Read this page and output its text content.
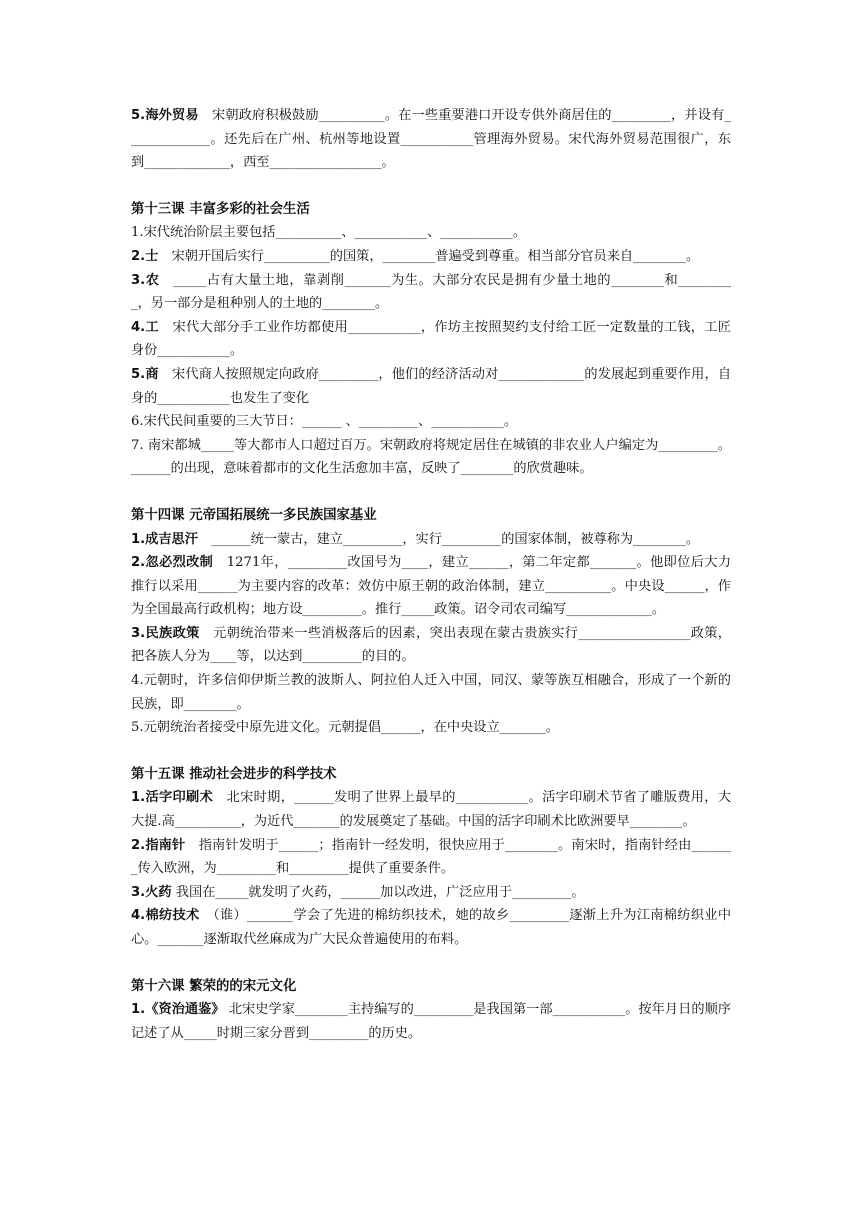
5.海外贸易　宋朝政府积极鼓励__________。在一些重要港口开设专供外商居住的_________，并设有_____________。还先后在广州、杭州等地设置___________管理海外贸易。宋代海外贸易范围很广，东到_____________，西至_________________。

第十三课 丰富多彩的社会生活

1.宋代统治阶层主要包括__________、___________、___________。

2.士　宋朝开国后实行__________的国策，________普遍受到尊重。相当部分官员来自________。

3.农　_____占有大量土地，靠剥削_______为生。大部分农民是拥有少量土地的________和_________，另一部分是租种别人的土地的________。

4.工　宋代大部分手工业作坊都使用___________，作坊主按照契约支付给工匠一定数量的工钱，工匠身份___________。

5.商　宋代商人按照规定向政府_________，他们的经济活动对_____________的发展起到重要作用，自身的___________也发生了变化

6.宋代民间重要的三大节日：______ 、_________、___________。

7. 南宋都城_____等大都市人口超过百万。宋朝政府将规定居住在城镇的非农业人户编定为_________。______的出现，意味着都市的文化生活愈加丰富，反映了________的欣赏趣味。

第十四课 元帝国拓展统一多民族国家基业

1.成吉思汗　______统一蒙古，建立_________，实行_________的国家体制，被尊称为________。

2.忽必烈改制　1271年，_________改国号为____，建立______，第二年定都_______。他即位后大力推行以采用______为主要内容的改革：效仿中原王朝的政治体制，建立__________。中央设______，作为全国最高行政机构；地方设_________。推行_____政策。诏令司农司编写_____________。

3.民族政策　元朝统治带来一些消极落后的因素，突出表现在蒙古贵族实行_________________政策，把各族人分为____等，以达到_________的目的。

4.元朝时，许多信仰伊斯兰教的波斯人、阿拉伯人迁入中国，同汉、蒙等族互相融合，形成了一个新的民族，即________。

5.元朝统治者接受中原先进文化。元朝提倡______，在中央设立_______。

第十五课 推动社会进步的科学技术

1.活字印刷术　北宋时期，______发明了世界上最早的___________。活字印刷术节省了雕版费用，大大提.高__________，为近代_______的发展奠定了基础。中国的活字印刷术比欧洲要早________。

2.指南针　指南针发明于______；指南针一经发明，很快应用于________。南宋时，指南针经由_______传入欧洲，为_________和_________提供了重要条件。

3.火药 我国在_____就发明了火药，______加以改进，广泛应用于_________。

4.棉纺技术　（谁）_______学会了先进的棉纺织技术，她的故乡_________逐渐上升为江南棉纺织业中心。_______逐渐取代丝麻成为广大民众普遍使用的布料。

第十六课 繁荣的的宋元文化

1.《资治通鉴》 北宋史学家________主持编写的_________是我国第一部___________。按年月日的顺序记述了从_____时期三家分晋到_________的历史。
